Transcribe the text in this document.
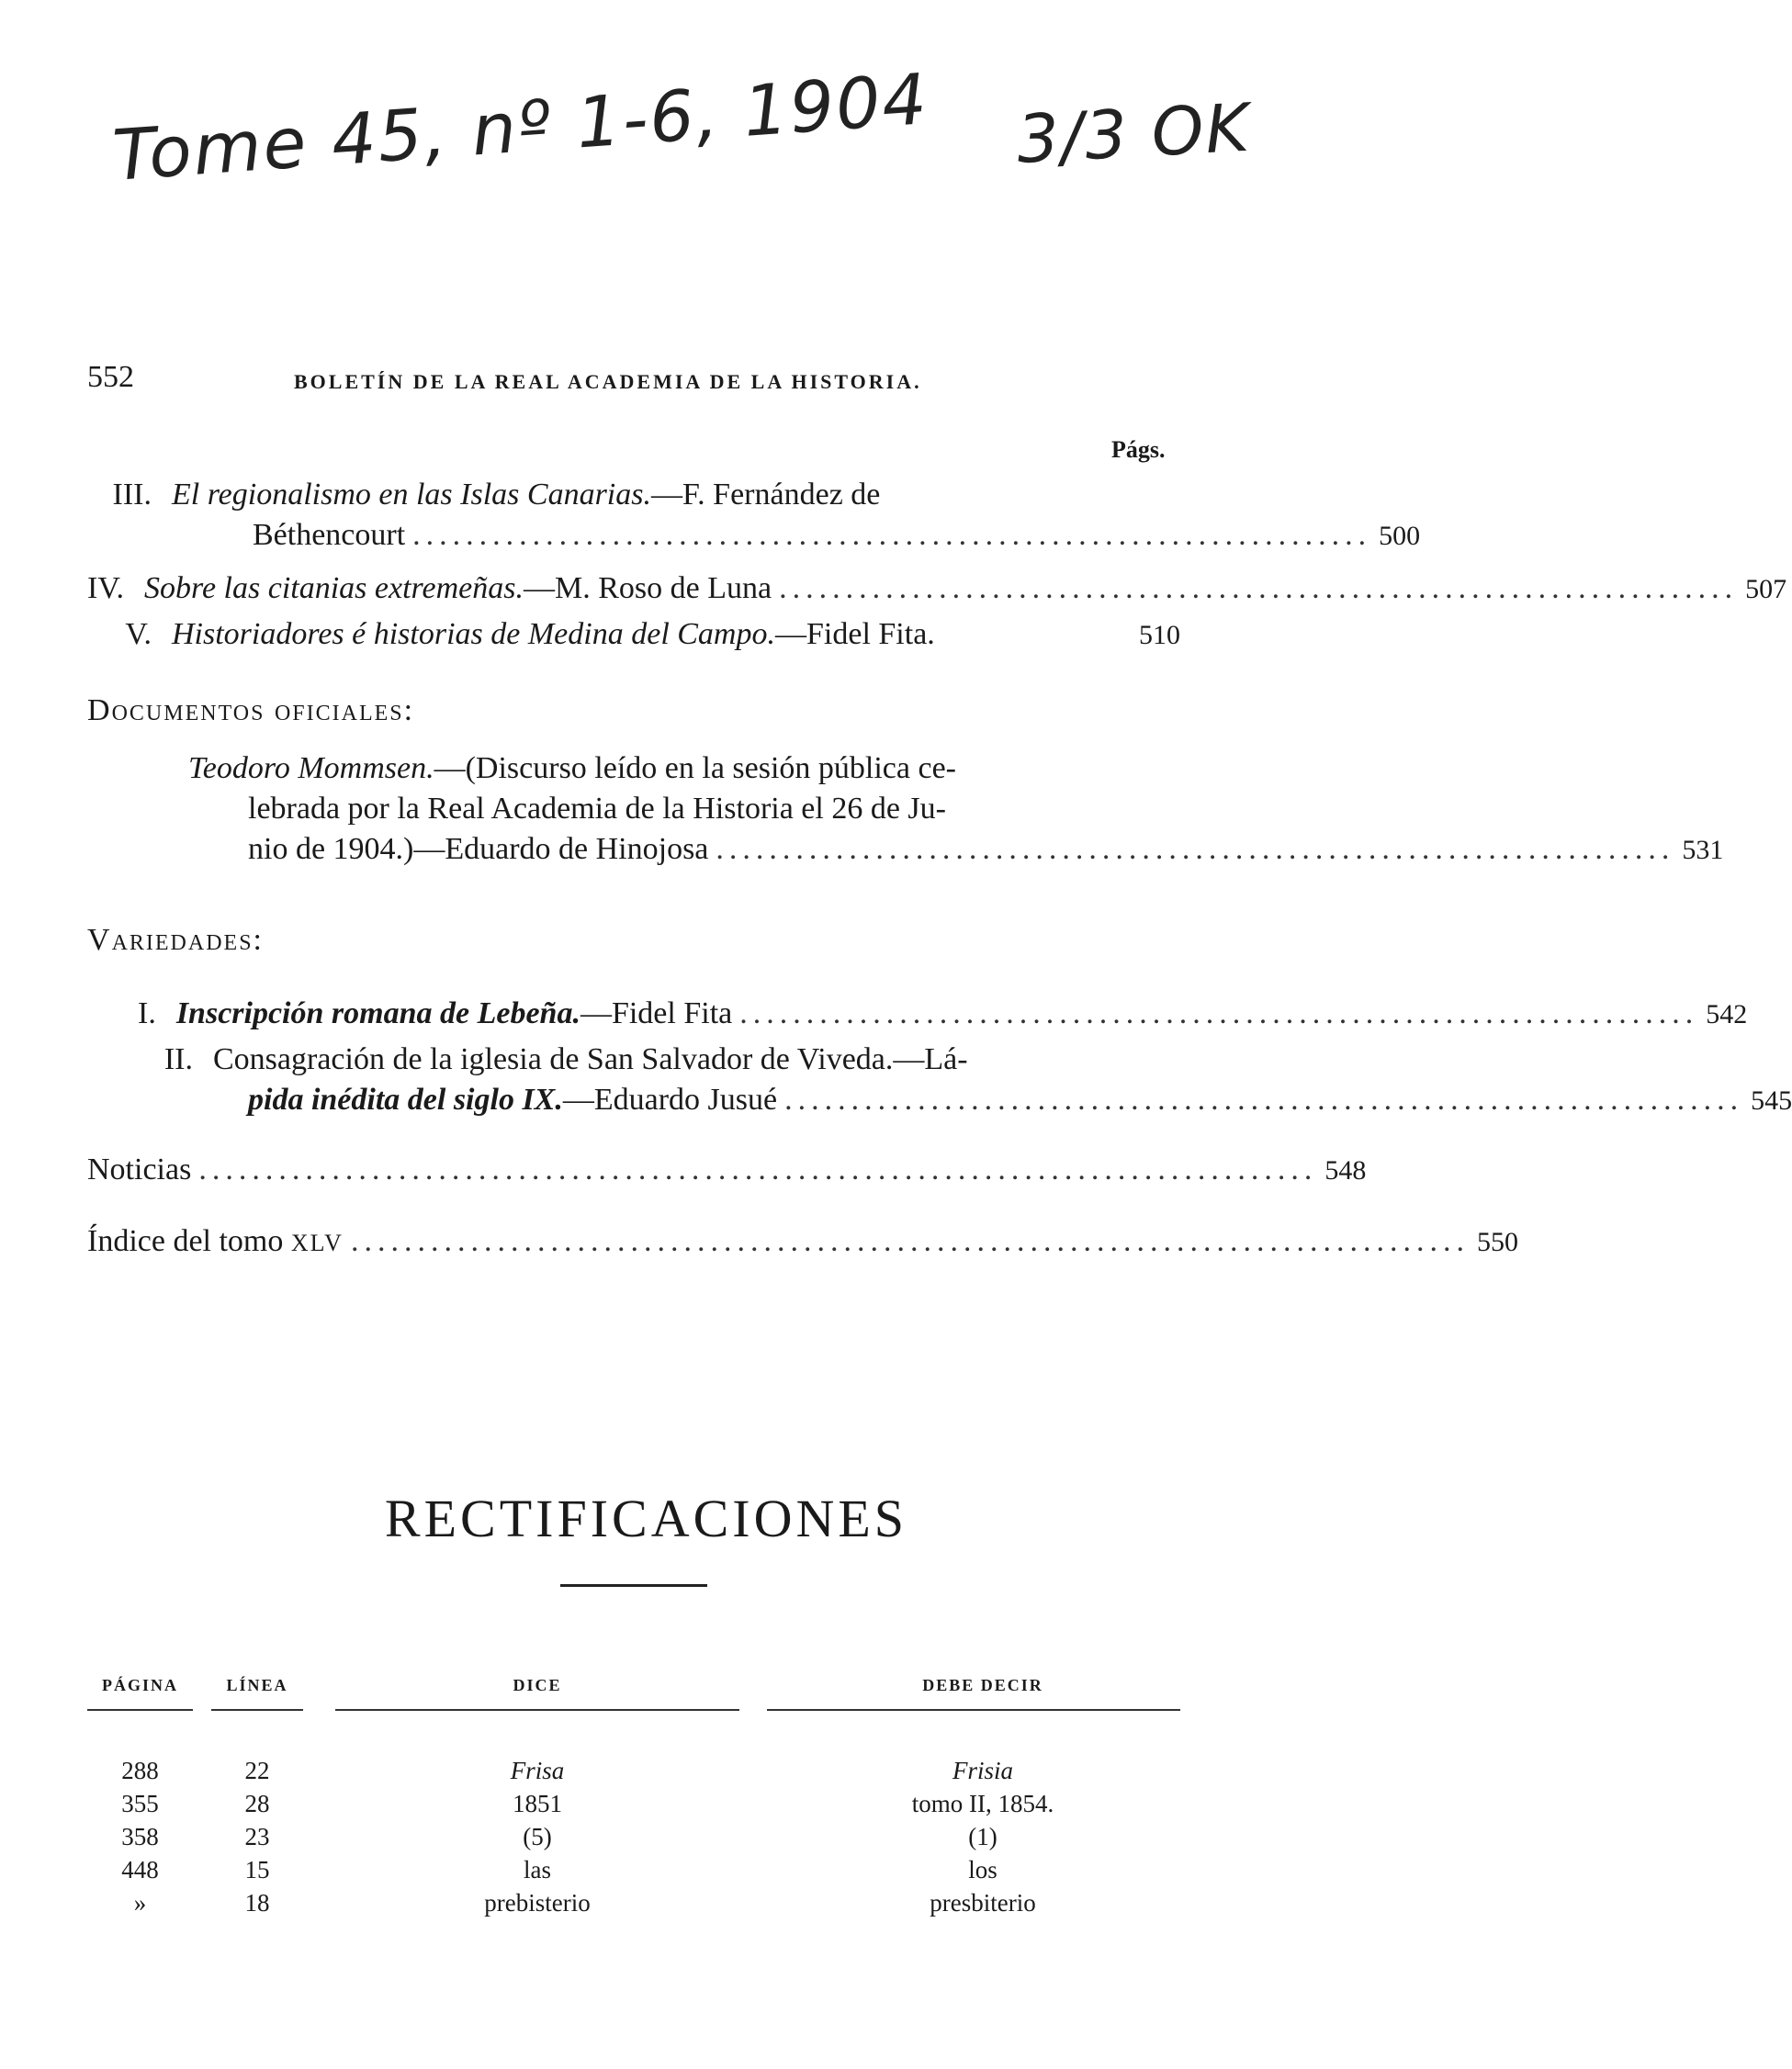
Tome 45, nº 1-6, 1904 3/3 OK
552	BOLETÍN DE LA REAL ACADEMIA DE LA HISTORIA.
Págs.
III. El regionalismo en las Islas Canarias.—F. Fernández de
Béthencourt ........................................................................ 500
IV. Sobre las citanias extremeñas.—M. Roso de Luna ........................................................................ 507
V. Historiadores é historias de Medina del Campo.—Fidel Fita.	510
Documentos oficiales:
Teodoro Mommsen.—(Discurso leído en la sesión pública ce-
lebrada por la Real Academia de la Historia el 26 de Ju-
nio de 1904.)—Eduardo de Hinojosa ........................................................................ 531
Variedades:
I. Inscripción romana de Lebeña.—Fidel Fita ........................................................................ 542
II. Consagración de la iglesia de San Salvador de Viveda.—Lá-
pida inédita del siglo IX.—Eduardo Jusué ........................................................................ 545
Noticias .................................................................................... 548
Índice del tomo XLV .................................................................................... 550
RECTIFICACIONES
PÁGINA	LÍNEA	DICE	DEBE DECIR
288	22	Frisa	Frisia
355	28	1851	tomo II, 1854.
358	23	(5)	(1)
448	15	las	los
»	18	prebisterio	presbiterio
